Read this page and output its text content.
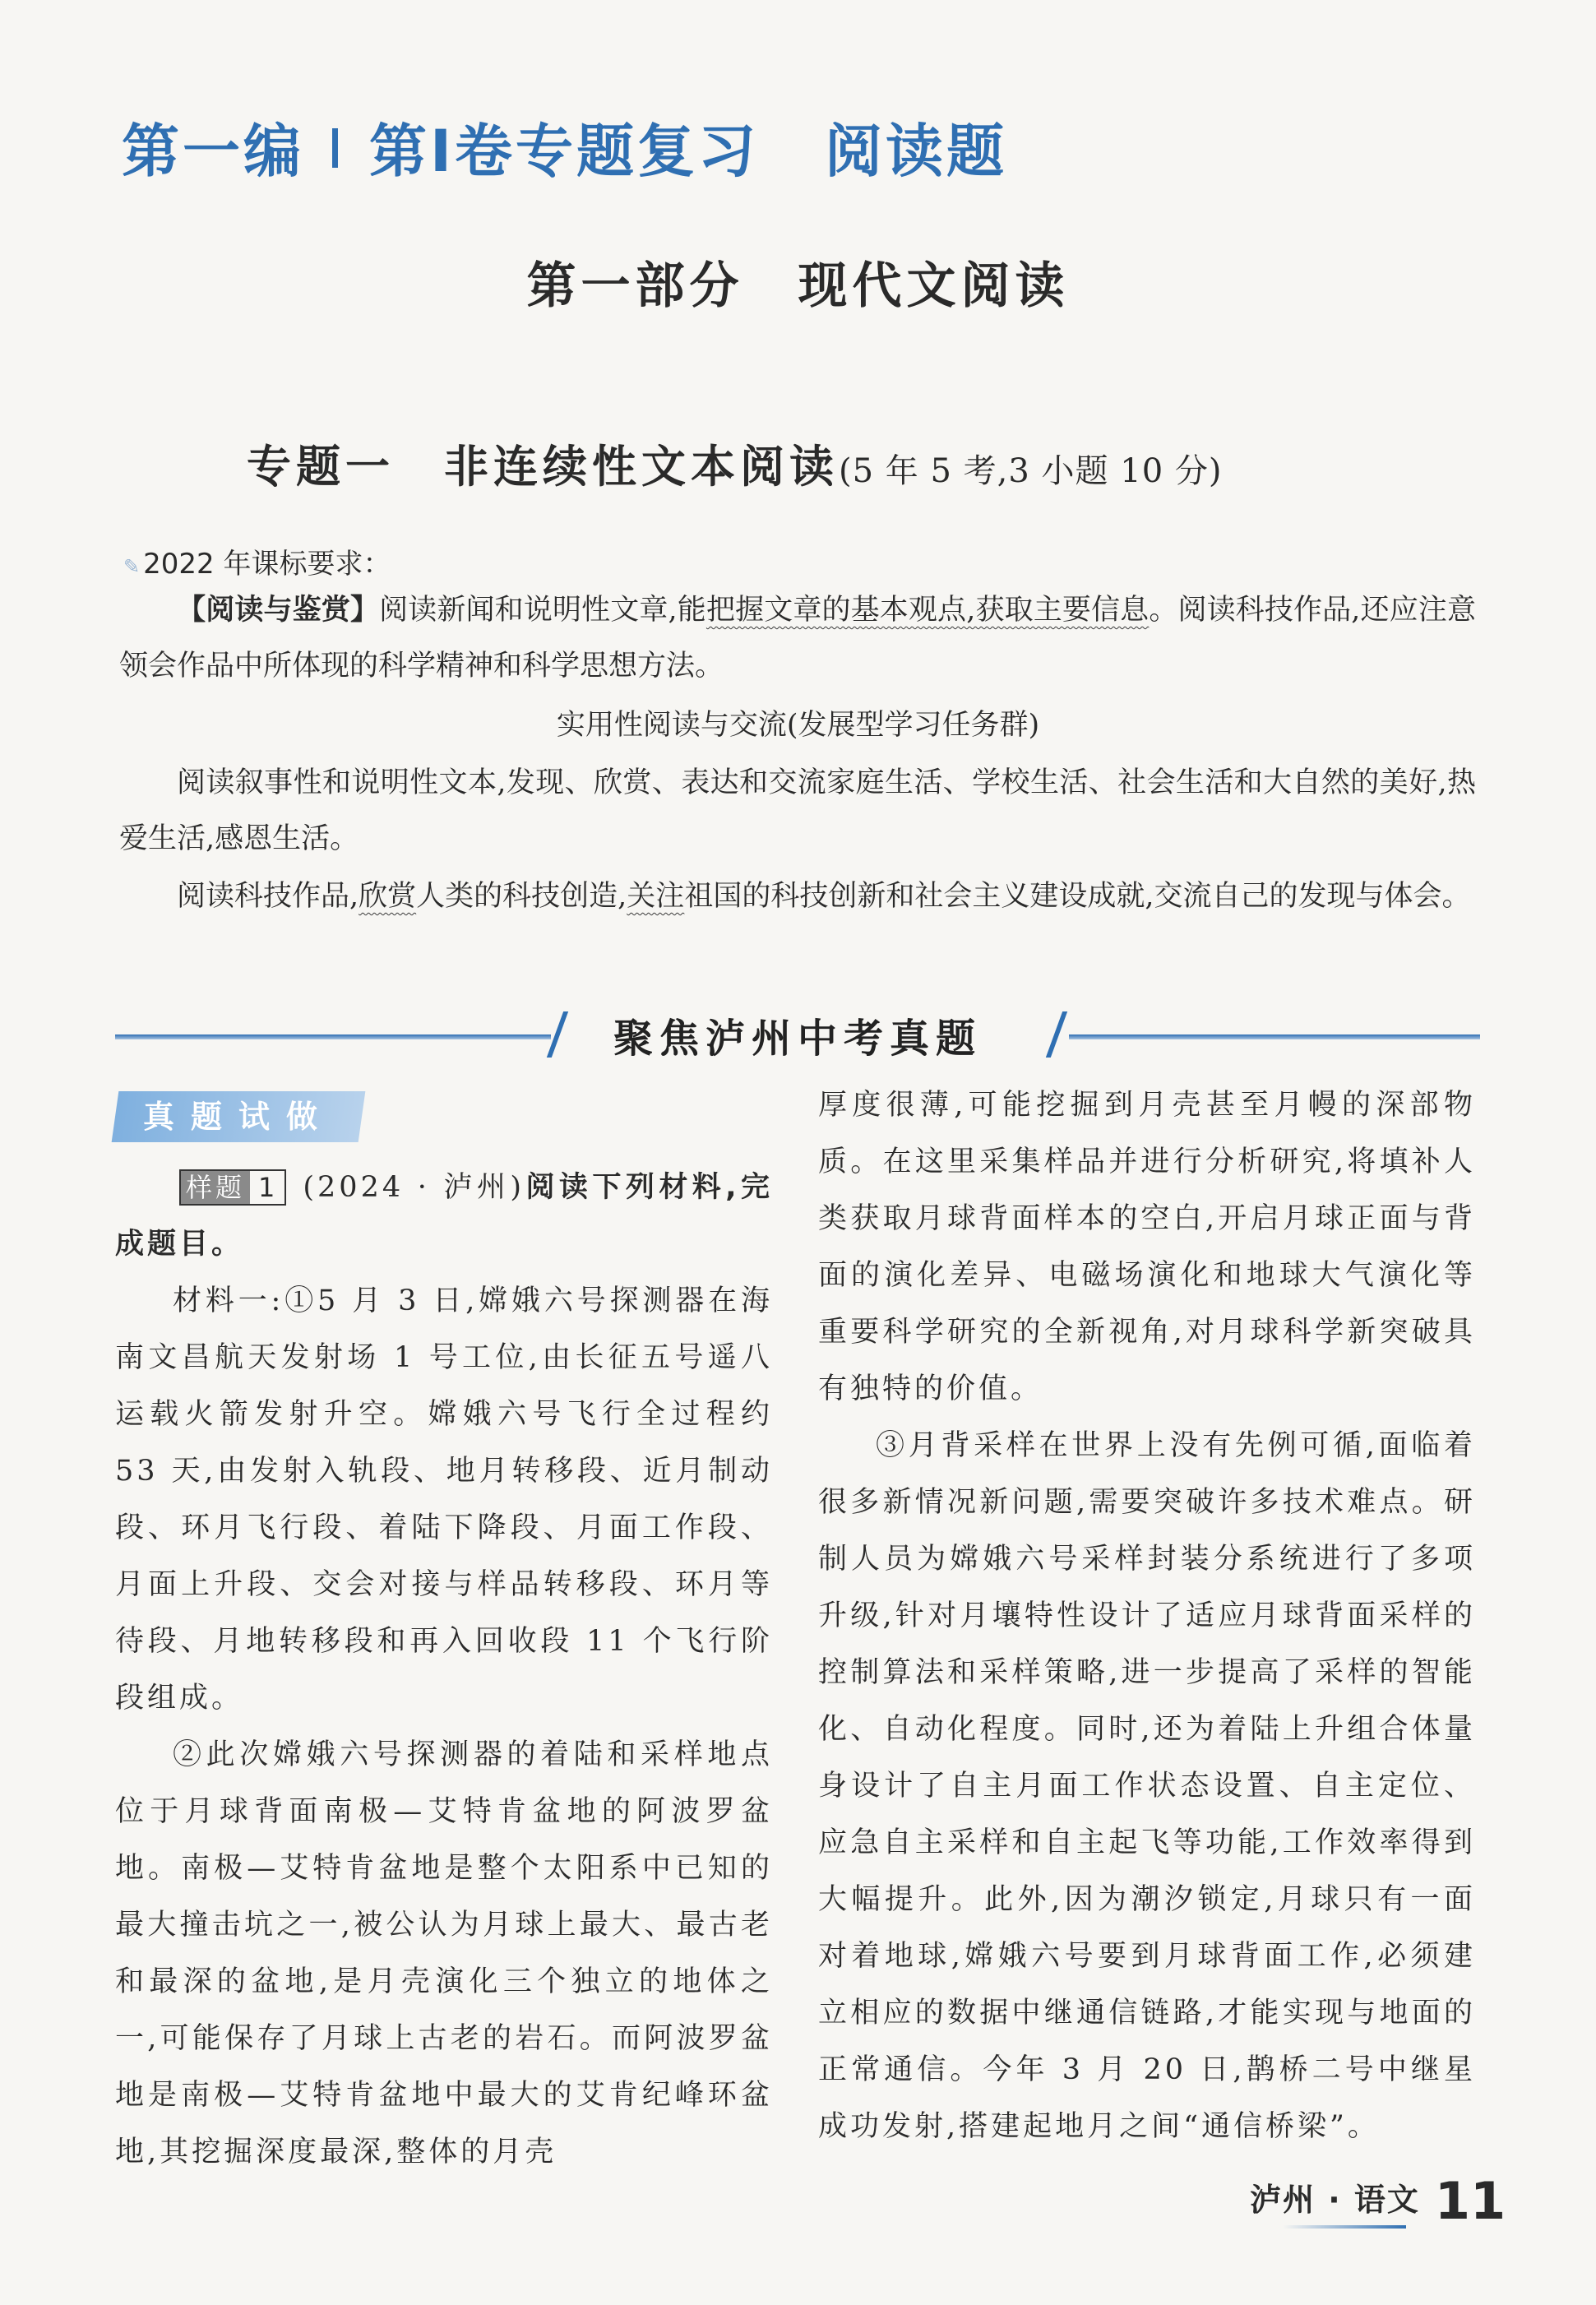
第一编 第Ⅰ卷专题复习 阅读题
第一部分　现代文阅读
专题一　非连续性文本阅读(5 年 5 考,3 小题 10 分)
✎ 2022 年课标要求：
【阅读与鉴赏】阅读新闻和说明性文章,能把握文章的基本观点,获取主要信息。阅读科技作品,还应注意领会作品中所体现的科学精神和科学思想方法。
实用性阅读与交流(发展型学习任务群)
阅读叙事性和说明性文本,发现、欣赏、表达和交流家庭生活、学校生活、社会生活和大自然的美好,热爱生活,感恩生活。
阅读科技作品,欣赏人类的科技创造,关注祖国的科技创新和社会主义建设成就,交流自己的发现与体会。
聚焦泸州中考真题
真题试做
样题 1 (2024 · 泸州)阅读下列材料,完成题目。
材料一:①5 月 3 日,嫦娥六号探测器在海南文昌航天发射场 1 号工位,由长征五号遥八运载火箭发射升空。嫦娥六号飞行全过程约 53 天,由发射入轨段、地月转移段、近月制动段、环月飞行段、着陆下降段、月面工作段、月面上升段、交会对接与样品转移段、环月等待段、月地转移段和再入回收段 11 个飞行阶段组成。
②此次嫦娥六号探测器的着陆和采样地点位于月球背面南极—艾特肯盆地的阿波罗盆地。南极—艾特肯盆地是整个太阳系中已知的最大撞击坑之一,被公认为月球上最大、最古老和最深的盆地,是月壳演化三个独立的地体之一,可能保存了月球上古老的岩石。而阿波罗盆地是南极—艾特肯盆地中最大的艾肯纪峰环盆地,其挖掘深度最深,整体的月壳
厚度很薄,可能挖掘到月壳甚至月幔的深部物质。在这里采集样品并进行分析研究,将填补人类获取月球背面样本的空白,开启月球正面与背面的演化差异、电磁场演化和地球大气演化等重要科学研究的全新视角,对月球科学新突破具有独特的价值。
③月背采样在世界上没有先例可循,面临着很多新情况新问题,需要突破许多技术难点。研制人员为嫦娥六号采样封装分系统进行了多项升级,针对月壤特性设计了适应月球背面采样的控制算法和采样策略,进一步提高了采样的智能化、自动化程度。同时,还为着陆上升组合体量身设计了自主月面工作状态设置、自主定位、应急自主采样和自主起飞等功能,工作效率得到大幅提升。此外,因为潮汐锁定,月球只有一面对着地球,嫦娥六号要到月球背面工作,必须建立相应的数据中继通信链路,才能实现与地面的正常通信。今年 3 月 20 日,鹊桥二号中继星成功发射,搭建起地月之间“通信桥梁”。
泸州 · 语文 11
